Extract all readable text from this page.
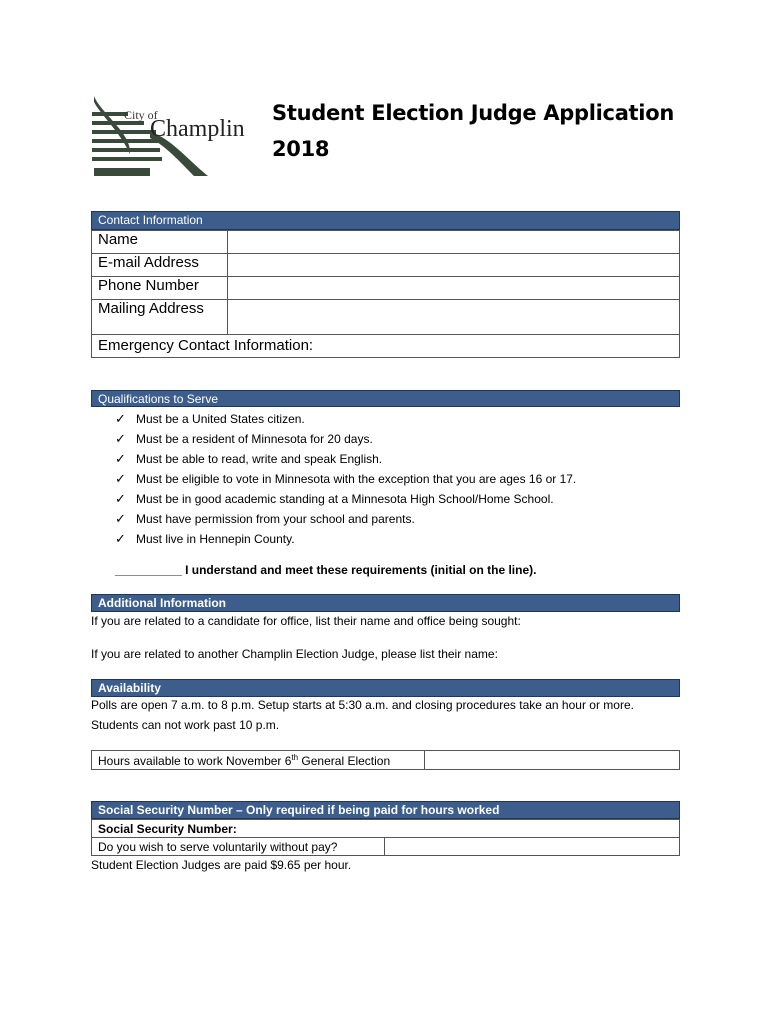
City of
Champlin
Student Election Judge Application
2018
Contact Information
Name	
E-mail Address	
Phone Number	
Mailing Address	
Emergency Contact Information:	
Qualifications to Serve
✓ Must be a United States citizen.
✓ Must be a resident of Minnesota for 20 days.
✓ Must be able to read, write and speak English.
✓ Must be eligible to vote in Minnesota with the exception that you are ages 16 or 17.
✓ Must be in good academic standing at a Minnesota High School/Home School.
✓ Must have permission from your school and parents.
✓ Must live in Hennepin County.
__________ I understand and meet these requirements (initial on the line).
Additional Information
If you are related to a candidate for office, list their name and office being sought:
If you are related to another Champlin Election Judge, please list their name:
Availability
Polls are open 7 a.m. to 8 p.m. Setup starts at 5:30 a.m. and closing procedures take an hour or more.
Students can not work past 10 p.m.
Hours available to work November 6th General Election	
Social Security Number – Only required if being paid for hours worked
Social Security Number:
Do you wish to serve voluntarily without pay?	
Student Election Judges are paid $9.65 per hour.
